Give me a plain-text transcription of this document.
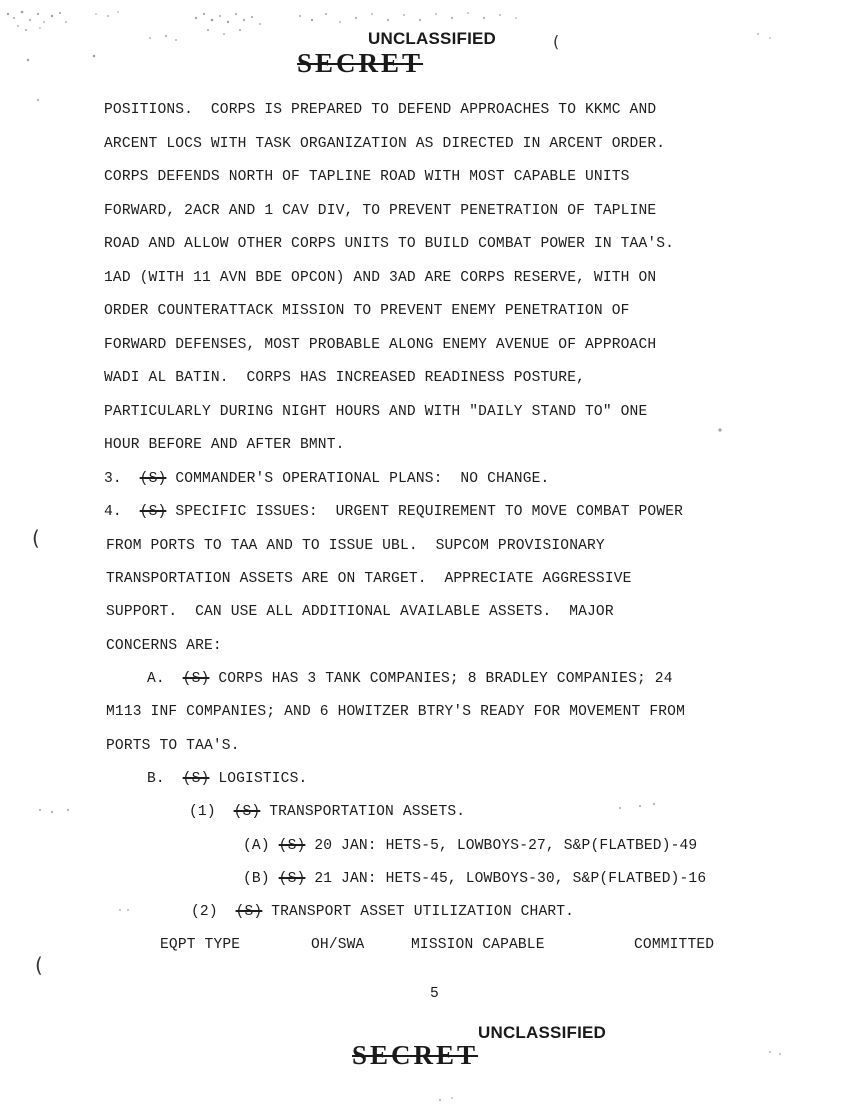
(
(
(
UNCLASSIFIED
SECRET
POSITIONS.  CORPS IS PREPARED TO DEFEND APPROACHES TO KKMC AND
ARCENT LOCS WITH TASK ORGANIZATION AS DIRECTED IN ARCENT ORDER.
CORPS DEFENDS NORTH OF TAPLINE ROAD WITH MOST CAPABLE UNITS
FORWARD, 2ACR AND 1 CAV DIV, TO PREVENT PENETRATION OF TAPLINE
ROAD AND ALLOW OTHER CORPS UNITS TO BUILD COMBAT POWER IN TAA'S.
1AD (WITH 11 AVN BDE OPCON) AND 3AD ARE CORPS RESERVE, WITH ON
ORDER COUNTERATTACK MISSION TO PREVENT ENEMY PENETRATION OF
FORWARD DEFENSES, MOST PROBABLE ALONG ENEMY AVENUE OF APPROACH
WADI AL BATIN.  CORPS HAS INCREASED READINESS POSTURE,
PARTICULARLY DURING NIGHT HOURS AND WITH "DAILY STAND TO" ONE
HOUR BEFORE AND AFTER BMNT.
3. (S) COMMANDER'S OPERATIONAL PLANS:  NO CHANGE.
4. (S) SPECIFIC ISSUES:  URGENT REQUIREMENT TO MOVE COMBAT POWER
FROM PORTS TO TAA AND TO ISSUE UBL.  SUPCOM PROVISIONARY
TRANSPORTATION ASSETS ARE ON TARGET.  APPRECIATE AGGRESSIVE
SUPPORT.  CAN USE ALL ADDITIONAL AVAILABLE ASSETS.  MAJOR
CONCERNS ARE:
A. (S) CORPS HAS 3 TANK COMPANIES; 8 BRADLEY COMPANIES; 24
M113 INF COMPANIES; AND 6 HOWITZER BTRY'S READY FOR MOVEMENT FROM
PORTS TO TAA'S.
B. (S) LOGISTICS.
(1) (S) TRANSPORTATION ASSETS.
(A) (S) 20 JAN: HETS-5, LOWBOYS-27, S&P(FLATBED)-49
(B) (S) 21 JAN: HETS-45, LOWBOYS-30, S&P(FLATBED)-16
(2) (S) TRANSPORT ASSET UTILIZATION CHART.
EQPT TYPE	OH/SWA	MISSION CAPABLE	COMMITTED
5
UNCLASSIFIED
SECRET
